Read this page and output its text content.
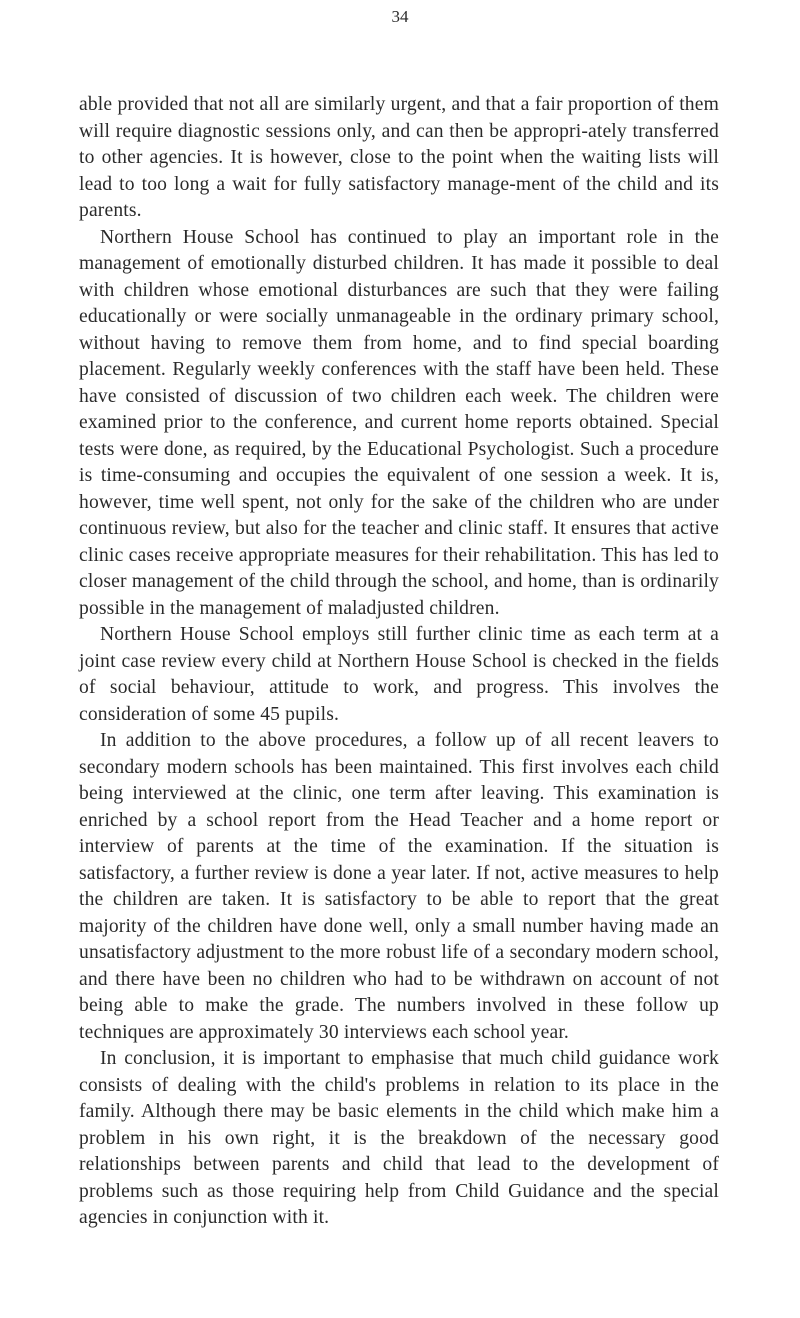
34

able provided that not all are similarly urgent, and that a fair proportion of them will require diagnostic sessions only, and can then be appropri-ately transferred to other agencies. It is however, close to the point when the waiting lists will lead to too long a wait for fully satisfactory manage-ment of the child and its parents.

Northern House School has continued to play an important role in the management of emotionally disturbed children. It has made it possible to deal with children whose emotional disturbances are such that they were failing educationally or were socially unmanageable in the ordinary primary school, without having to remove them from home, and to find special boarding placement. Regularly weekly conferences with the staff have been held. These have consisted of discussion of two children each week. The children were examined prior to the conference, and current home reports obtained. Special tests were done, as required, by the Educational Psychologist. Such a procedure is time-consuming and occupies the equivalent of one session a week. It is, however, time well spent, not only for the sake of the children who are under continuous review, but also for the teacher and clinic staff. It ensures that active clinic cases receive appropriate measures for their rehabilitation. This has led to closer management of the child through the school, and home, than is ordinarily possible in the management of maladjusted children.

Northern House School employs still further clinic time as each term at a joint case review every child at Northern House School is checked in the fields of social behaviour, attitude to work, and progress. This involves the consideration of some 45 pupils.

In addition to the above procedures, a follow up of all recent leavers to secondary modern schools has been maintained. This first involves each child being interviewed at the clinic, one term after leaving. This examination is enriched by a school report from the Head Teacher and a home report or interview of parents at the time of the examination. If the situation is satisfactory, a further review is done a year later. If not, active measures to help the children are taken. It is satisfactory to be able to report that the great majority of the children have done well, only a small number having made an unsatisfactory adjustment to the more robust life of a secondary modern school, and there have been no children who had to be withdrawn on account of not being able to make the grade. The numbers involved in these follow up techniques are approximately 30 interviews each school year.

In conclusion, it is important to emphasise that much child guidance work consists of dealing with the child's problems in relation to its place in the family. Although there may be basic elements in the child which make him a problem in his own right, it is the breakdown of the necessary good relationships between parents and child that lead to the development of problems such as those requiring help from Child Guidance and the special agencies in conjunction with it.
